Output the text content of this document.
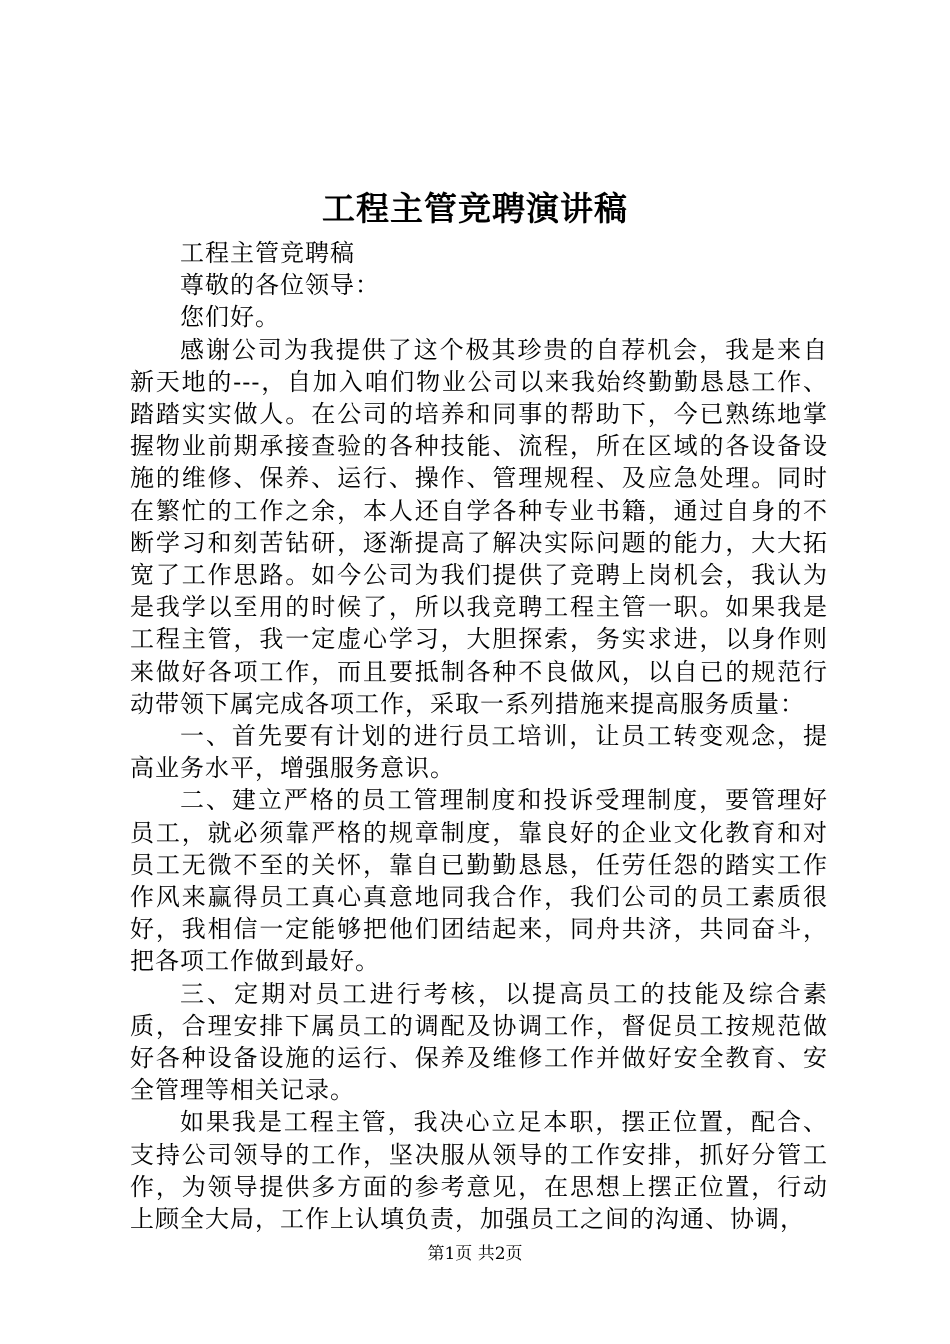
工程主管竞聘演讲稿

工程主管竞聘稿

尊敬的各位领导：

您们好。

感谢公司为我提供了这个极其珍贵的自荐机会，我是来自新天地的---，自加入咱们物业公司以来我始终勤勤恳恳工作、踏踏实实做人。在公司的培养和同事的帮助下，今已熟练地掌握物业前期承接查验的各种技能、流程，所在区域的各设备设施的维修、保养、运行、操作、管理规程、及应急处理。同时在繁忙的工作之余，本人还自学各种专业书籍，通过自身的不断学习和刻苦钻研，逐渐提高了解决实际问题的能力，大大拓宽了工作思路。如今公司为我们提供了竞聘上岗机会，我认为是我学以至用的时候了，所以我竞聘工程主管一职。如果我是工程主管，我一定虚心学习，大胆探索，务实求进，以身作则来做好各项工作，而且要抵制各种不良做风，以自已的规范行动带领下属完成各项工作，采取一系列措施来提高服务质量：

一、首先要有计划的进行员工培训，让员工转变观念，提高业务水平，增强服务意识。

二、建立严格的员工管理制度和投诉受理制度，要管理好员工，就必须靠严格的规章制度，靠良好的企业文化教育和对员工无微不至的关怀，靠自已勤勤恳恳，任劳任怨的踏实工作作风来赢得员工真心真意地同我合作，我们公司的员工素质很好，我相信一定能够把他们团结起来，同舟共济，共同奋斗，把各项工作做到最好。

三、定期对员工进行考核，以提高员工的技能及综合素质，合理安排下属员工的调配及协调工作，督促员工按规范做好各种设备设施的运行、保养及维修工作并做好安全教育、安全管理等相关记录。

如果我是工程主管，我决心立足本职，摆正位置，配合、支持公司领导的工作，坚决服从领导的工作安排，抓好分管工作，为领导提供多方面的参考意见，在思想上摆正位置，行动上顾全大局，工作上认填负责，加强员工之间的沟通、协调，

第1页 共2页
